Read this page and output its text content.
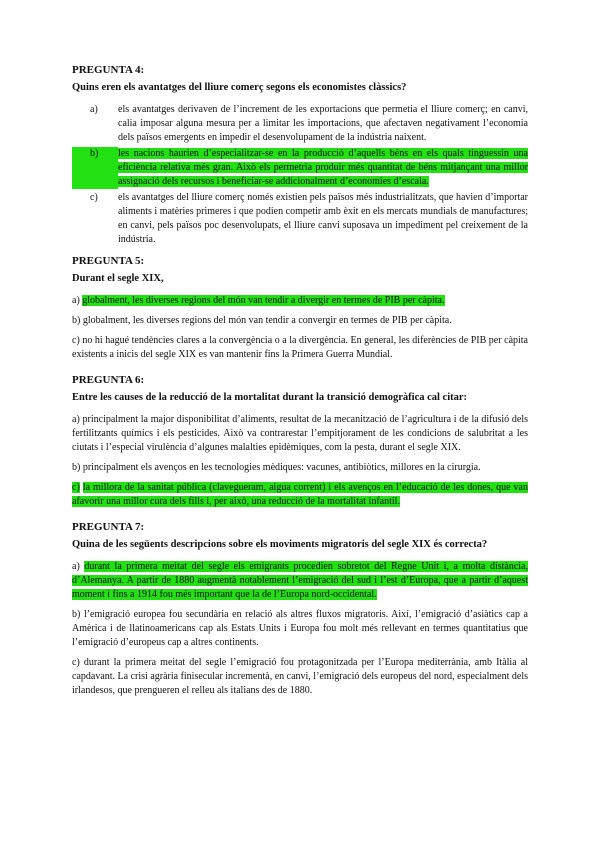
PREGUNTA 4:

Quins eren els avantatges del lliure comerç segons els economistes clàssics?

a)	els avantatges derivaven de l’increment de les exportacions que permetia el lliure comerç; en canvi, calia imposar alguna mesura per a limitar les importacions, que afectaven negativament l’economia dels països emergents en impedir el desenvolupament de la indústria naixent.
b)	les nacions haurien d’especialitzar-se en la producció d’aquells béns en els quals tinguessin una eficiència relativa més gran. Això els permetria produir més quantitat de béns mitjançant una millor assignació dels recursos i beneficiar-se addicionalment d’economies d’escala.
c)	els avantatges del lliure comerç només existien pels països més industrialitzats, que havien d’importar aliments i matèries primeres i que podien competir amb èxit en els mercats mundials de manufactures; en canvi, pels països poc desenvolupats, el lliure canvi suposava un impediment pel creixement de la indústria.

PREGUNTA 5:

Durant el segle XIX,

a) globalment, les diverses regions del món van tendir a divergir en termes de PIB per càpita.

b) globalment, les diverses regions del món van tendir a convergir en termes de PIB per càpita.

c) no hi hagué tendències clares a la convergència o a la divergència. En general, les diferències de PIB per càpita existents a inicis del segle XIX es van mantenir fins la Primera Guerra Mundial.

PREGUNTA 6:

Entre les causes de la reducció de la mortalitat durant la transició demogràfica cal citar:

a) principalment la major disponibilitat d’aliments, resultat de la mecanització de l’agricultura i de la difusió dels fertilitzants químics i els pesticides. Això va contrarestar l’empitjorament de les condicions de salubritat a les ciutats i l’especial virulència d’algunes malalties epidèmiques, com la pesta, durant el segle XIX.

b) principalment els avenços en les tecnologies mèdiques: vacunes, antibiòtics, millores en la cirurgia.

c) la millora de la sanitat pública (clavegueram, aigua corrent) i els avenços en l’educació de les dones, que van afavorir una millor cura dels fills i, per això, una reducció de la mortalitat infantil.

PREGUNTA 7:

Quina de les següents descripcions sobre els moviments migratoris del segle XIX és correcta?

a) durant la primera meitat del segle els emigrants procedien sobretot del Regne Unit i, a molta distància, d’Alemanya. A partir de 1880 augmentà notablement l’emigració del sud i l’est d’Europa, que a partir d’aquest moment i fins a 1914 fou més important que la de l’Europa nord-occidental.

b) l’emigració europea fou secundària en relació als altres fluxos migratoris. Així, l’emigració d’asiàtics cap a Amèrica i de llatinoamericans cap als Estats Units i Europa fou molt més rellevant en termes quantitatius que l’emigració d’europeus cap a altres continents.

c) durant la primera meitat del segle l’emigració fou protagonitzada per l’Europa mediterrània, amb Itàlia al capdavant. La crisi agrària finisecular incrementà, en canvi, l’emigració dels europeus del nord, especialment dels irlandesos, que prengueren el relleu als italians des de 1880.
